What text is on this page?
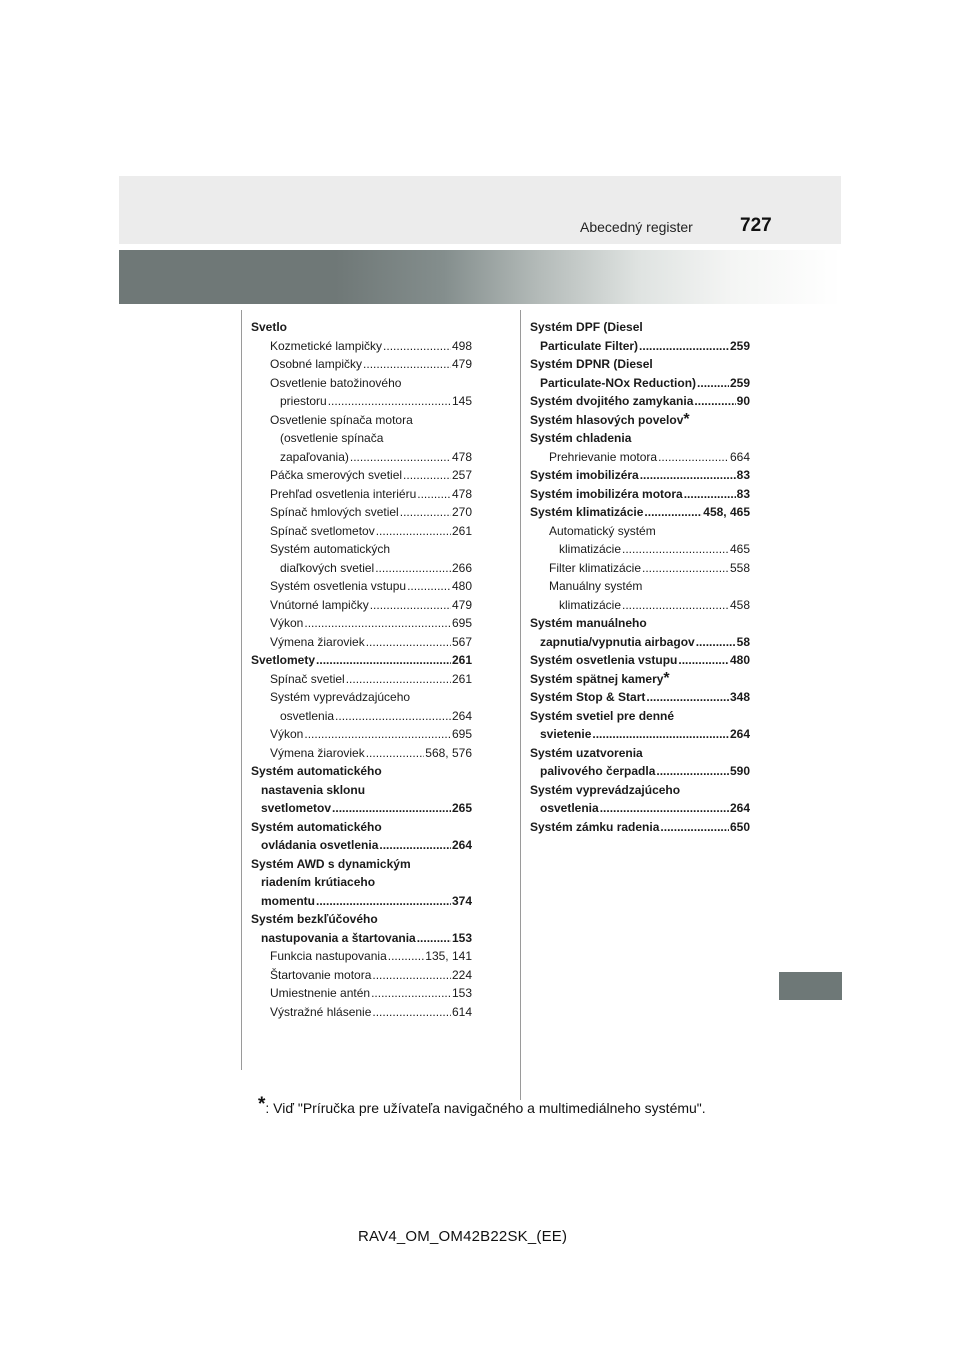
Abecedný register 727
Svetlo
Kozmetické lampičky .....	498
Osobné lampičky .....	479
Osvetlenie batožinového
priestoru .....	145
Osvetlenie spínača motora
(osvetlenie spínača
zapaľovania) .....	478
Páčka smerových svetiel .....	257
Prehľad osvetlenia interiéru .....	478
Spínač hmlových svetiel .....	270
Spínač svetlometov .....	261
Systém automatických
diaľkových svetiel .....	266
Systém osvetlenia vstupu .....	480
Vnútorné lampičky .....	479
Výkon .....	695
Výmena žiaroviek .....	567
Svetlomety .....	261
Spínač svetiel .....	261
Systém vyprevádzajúceho
osvetlenia .....	264
Výkon .....	695
Výmena žiaroviek .....	568, 576
Systém automatického
nastavenia sklonu
svetlometov .....	265
Systém automatického
ovládania osvetlenia .....	264
Systém AWD s dynamickým
riadením krútiaceho
momentu .....	374
Systém bezkľúčového
nastupovania a štartovania .....	153
Funkcia nastupovania .....	135, 141
Štartovanie motora .....	224
Umiestnenie antén .....	153
Výstražné hlásenie .....	614
Systém DPF (Diesel
Particulate Filter) .....	259
Systém DPNR (Diesel
Particulate-NOx Reduction) .....	259
Systém dvojitého zamykania .....	90
Systém hlasových povelov *
Systém chladenia
Prehrievanie motora .....	664
Systém imobilizéra .....	83
Systém imobilizéra motora .....	83
Systém klimatizácie .....	458, 465
Automatický systém
klimatizácie .....	465
Filter klimatizácie .....	558
Manuálny systém
klimatizácie .....	458
Systém manuálneho
zapnutia/vypnutia airbagov .....	58
Systém osvetlenia vstupu .....	480
Systém spätnej kamery *
Systém Stop & Start .....	348
Systém svetiel pre denné
svietenie .....	264
Systém uzatvorenia
palivového čerpadla .....	590
Systém vyprevádzajúceho
osvetlenia .....	264
Systém zámku radenia .....	650
*: Viď "Príručka pre užívateľa navigačného a multimediálneho systému".
RAV4_OM_OM42B22SK_(EE)
